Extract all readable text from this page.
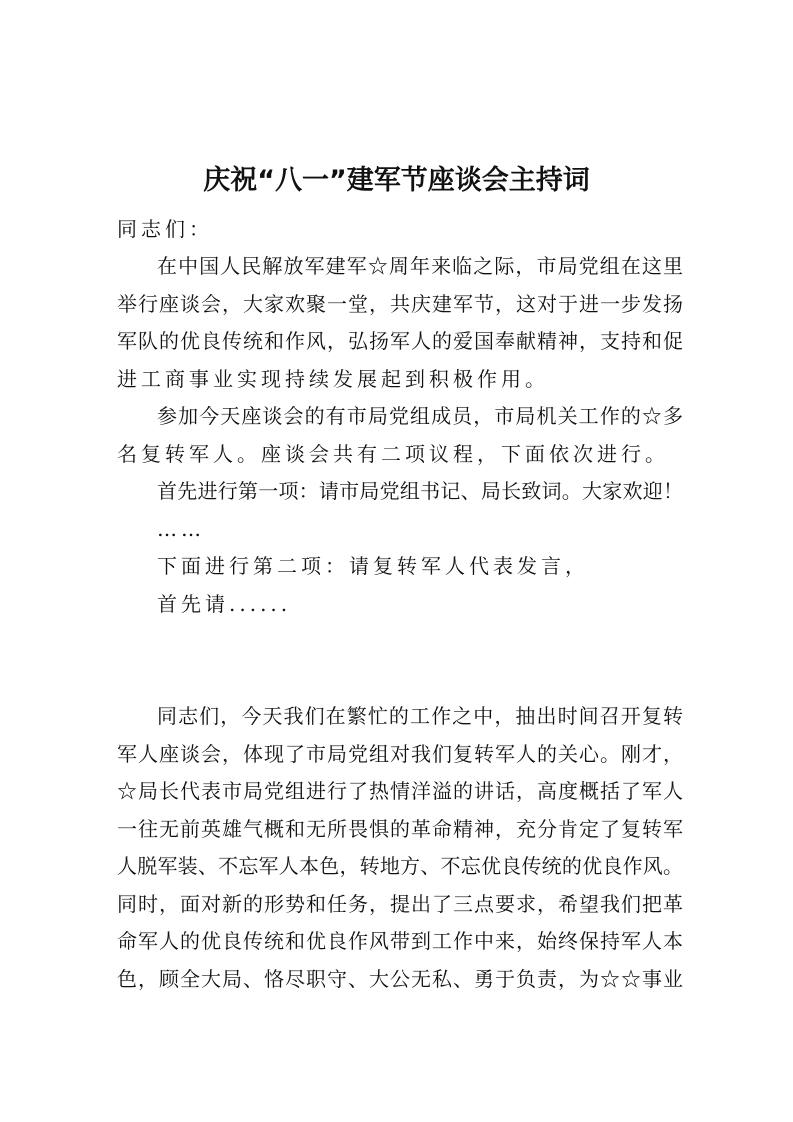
庆祝“八一”建军节座谈会主持词
同志们：
在中国人民解放军建军☆周年来临之际，市局党组在这里
举行座谈会，大家欢聚一堂，共庆建军节，这对于进一步发扬
军队的优良传统和作风，弘扬军人的爱国奉献精神，支持和促
进工商事业实现持续发展起到积极作用。
参加今天座谈会的有市局党组成员，市局机关工作的☆多
名复转军人。座谈会共有二项议程，下面依次进行。
首先进行第一项：请市局党组书记、局长致词。大家欢迎！
……
下面进行第二项：请复转军人代表发言，
首先请......
同志们，今天我们在繁忙的工作之中，抽出时间召开复转
军人座谈会，体现了市局党组对我们复转军人的关心。刚才，
☆局长代表市局党组进行了热情洋溢的讲话，高度概括了军人
一往无前英雄气概和无所畏惧的革命精神，充分肯定了复转军
人脱军装、不忘军人本色，转地方、不忘优良传统的优良作风。
同时，面对新的形势和任务，提出了三点要求，希望我们把革
命军人的优良传统和优良作风带到工作中来，始终保持军人本
色，顾全大局、恪尽职守、大公无私、勇于负责，为☆☆事业
